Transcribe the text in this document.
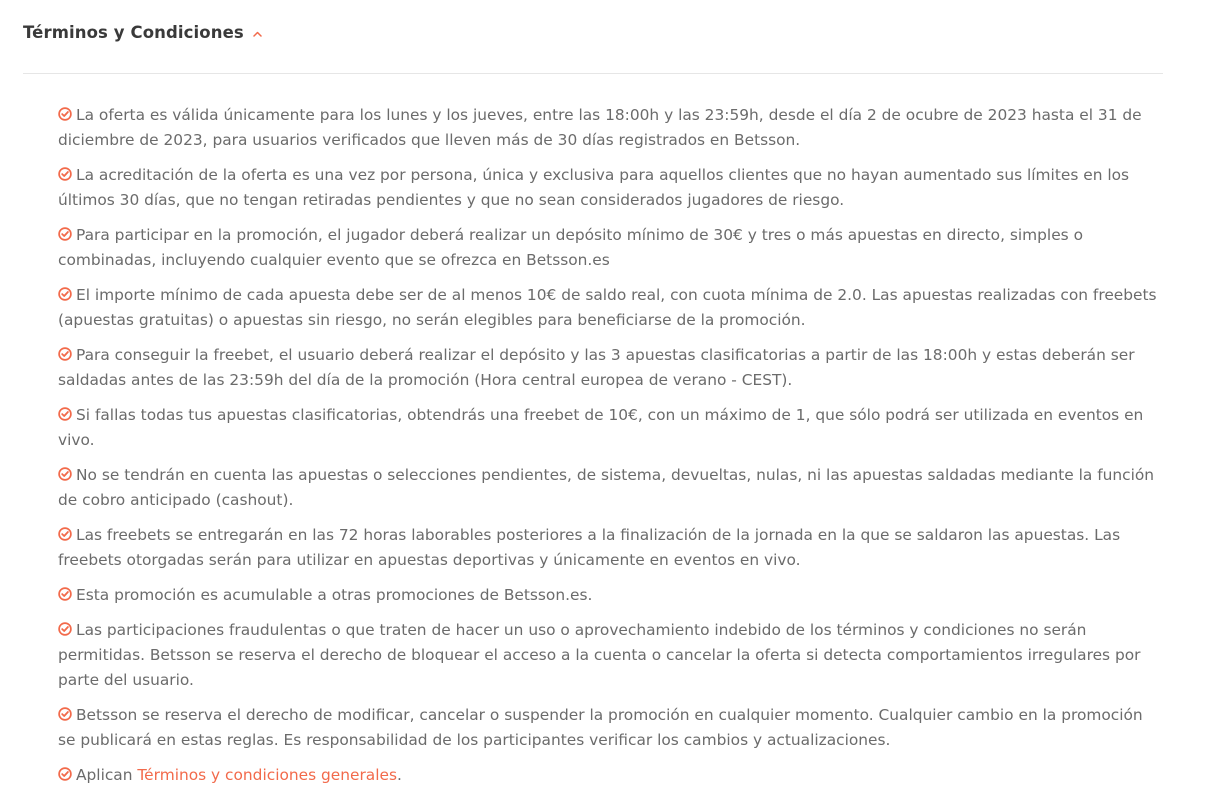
Términos y Condiciones
La oferta es válida únicamente para los lunes y los jueves, entre las 18:00h y las 23:59h, desde el día 2 de ocubre de 2023 hasta el 31 de diciembre de 2023, para usuarios verificados que lleven más de 30 días registrados en Betsson.
La acreditación de la oferta es una vez por persona, única y exclusiva para aquellos clientes que no hayan aumentado sus límites en los últimos 30 días, que no tengan retiradas pendientes y que no sean considerados jugadores de riesgo.
Para participar en la promoción, el jugador deberá realizar un depósito mínimo de 30€ y tres o más apuestas en directo, simples o combinadas, incluyendo cualquier evento que se ofrezca en Betsson.es
El importe mínimo de cada apuesta debe ser de al menos 10€ de saldo real, con cuota mínima de 2.0. Las apuestas realizadas con freebets (apuestas gratuitas) o apuestas sin riesgo, no serán elegibles para beneficiarse de la promoción.
Para conseguir la freebet, el usuario deberá realizar el depósito y las 3 apuestas clasificatorias a partir de las 18:00h y estas deberán ser saldadas antes de las 23:59h del día de la promoción (Hora central europea de verano - CEST).
Si fallas todas tus apuestas clasificatorias, obtendrás una freebet de 10€, con un máximo de 1, que sólo podrá ser utilizada en eventos en vivo.
No se tendrán en cuenta las apuestas o selecciones pendientes, de sistema, devueltas, nulas, ni las apuestas saldadas mediante la función de cobro anticipado (cashout).
Las freebets se entregarán en las 72 horas laborables posteriores a la finalización de la jornada en la que se saldaron las apuestas. Las freebets otorgadas serán para utilizar en apuestas deportivas y únicamente en eventos en vivo.
Esta promoción es acumulable a otras promociones de Betsson.es.
Las participaciones fraudulentas o que traten de hacer un uso o aprovechamiento indebido de los términos y condiciones no serán permitidas. Betsson se reserva el derecho de bloquear el acceso a la cuenta o cancelar la oferta si detecta comportamientos irregulares por parte del usuario.
Betsson se reserva el derecho de modificar, cancelar o suspender la promoción en cualquier momento. Cualquier cambio en la promoción se publicará en estas reglas. Es responsabilidad de los participantes verificar los cambios y actualizaciones.
Aplican Términos y condiciones generales.
